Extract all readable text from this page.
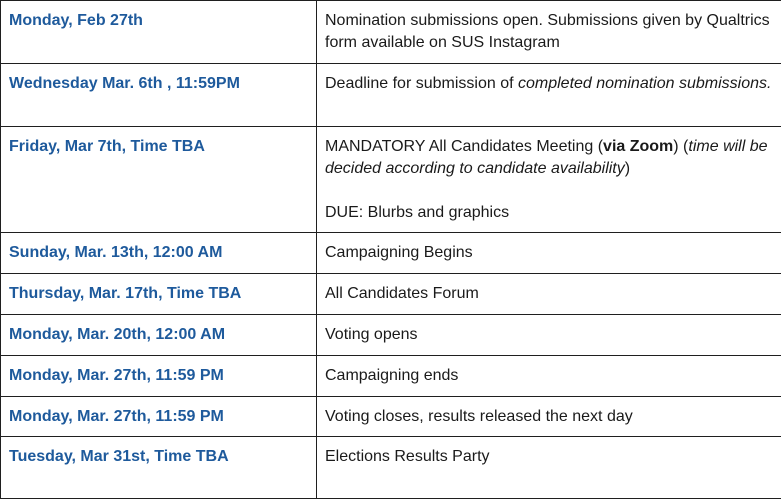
Monday, Feb 27th	Nomination submissions open. Submissions given by Qualtrics form available on SUS Instagram
Wednesday Mar. 6th , 11:59PM	Deadline for submission of completed nomination submissions.
Friday, Mar 7th, Time TBA	MANDATORY All Candidates Meeting (via Zoom) (time will be decided according to candidate availability)
DUE: Blurbs and graphics
Sunday, Mar. 13th, 12:00 AM	Campaigning Begins
Thursday, Mar. 17th, Time TBA	All Candidates Forum
Monday, Mar. 20th, 12:00 AM	Voting opens
Monday, Mar. 27th, 11:59 PM	Campaigning ends
Monday, Mar. 27th, 11:59 PM	Voting closes, results released the next day
Tuesday, Mar 31st, Time TBA	Elections Results Party
